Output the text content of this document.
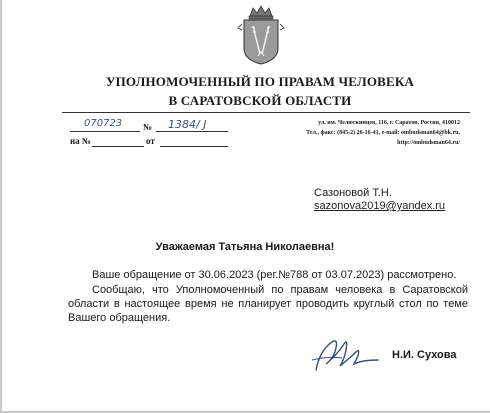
УПОЛНОМОЧЕННЫЙ ПО ПРАВАМ ЧЕЛОВЕКА
В САРАТОВСКОЙ ОБЛАСТИ
ул. им. Челюскинцев, 116, г. Саратов, Россия, 410012
Тел., факс: (845-2) 26-16-41, e-mail: ombudsman64@bk.ru,
http://ombudsman64.ru/
070723 № 1384/ J
на №	от
Сазоновой Т.Н.
sazonova2019@yandex.ru
Уважаемая Татьяна Николаевна!
Ваше обращение от 30.06.2023 (рег.№788 от 03.07.2023) рассмотрено.
Сообщаю, что Уполномоченный по правам человека в Саратовской области в настоящее время не планирует проводить круглый стол по теме Вашего обращения.
Н.И. Сухова
